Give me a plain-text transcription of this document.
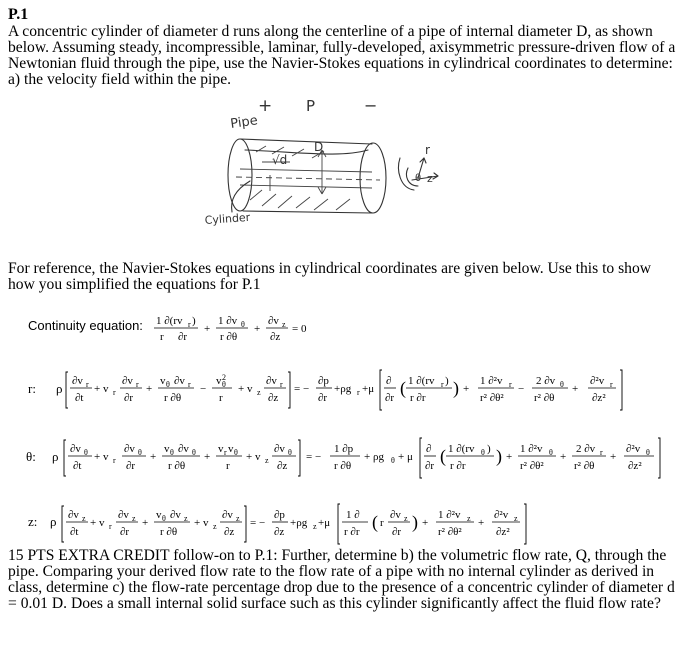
P.1

A concentric cylinder of diameter d runs along the centerline of a pipe of internal diameter D, as shown below. Assuming steady, incompressible, laminar, fully-developed, axisymmetric pressure-driven flow of a Newtonian fluid through the pipe, use the Navier-Stokes equations in cylindrical coordinates to determine: a) the velocity field within the pipe.

Pipe
+ P	−
√d
D	r
θ z
Cylinder

For reference, the Navier-Stokes equations in cylindrical coordinates are given below. Use this to show how you simplified the equations for P.1

Continuity equation: 1 ∂(rv r )
r ∂r
+
1 ∂v θ
r ∂θ
+
∂v z
∂z
= 0
r: ρ ∂v r
∂t
+ v r
∂v r
∂r
+
v θ ∂v r
r ∂θ
−
v 2
θ
r
+ v z
∂v r
∂z
= −
∂p
∂r
+ρg r +μ
∂
∂r ( 1 ∂(rv r )
r ∂r ) +
1 ∂²v r
r² ∂θ²
−
2 ∂v θ
r² ∂θ
+
∂²v r
∂z²
θ: ρ ∂v θ
∂t
+ v r
∂v θ
∂r
+
v θ ∂v θ
r ∂θ
+
v r v θ
r
+ v z
∂v θ
∂z
= −
1 ∂p
r ∂θ
+ ρg θ + μ
∂
∂r ( 1 ∂(rv θ )
r ∂r ) +
1 ∂²v θ
r² ∂θ²
+
2 ∂v r
r² ∂θ
+
∂²v θ
∂z²
z: ρ ∂v z
∂t
+ v r
∂v z
∂r
+
v θ ∂v z
r ∂θ
+ v z
∂v z
∂z
= −
∂p
∂z
+ρg z +μ
1 ∂
r ∂r ( r
∂v z
∂r ) +
1 ∂²v z
r² ∂θ²
+
∂²v z
∂z²

15 PTS EXTRA CREDIT follow-on to P.1: Further, determine b) the volumetric flow rate, Q, through the pipe. Comparing your derived flow rate to the flow rate of a pipe with no internal cylinder as derived in class, determine c) the flow-rate percentage drop due to the presence of a concentric cylinder of diameter d = 0.01 D. Does a small internal solid surface such as this cylinder significantly affect the fluid flow rate?
